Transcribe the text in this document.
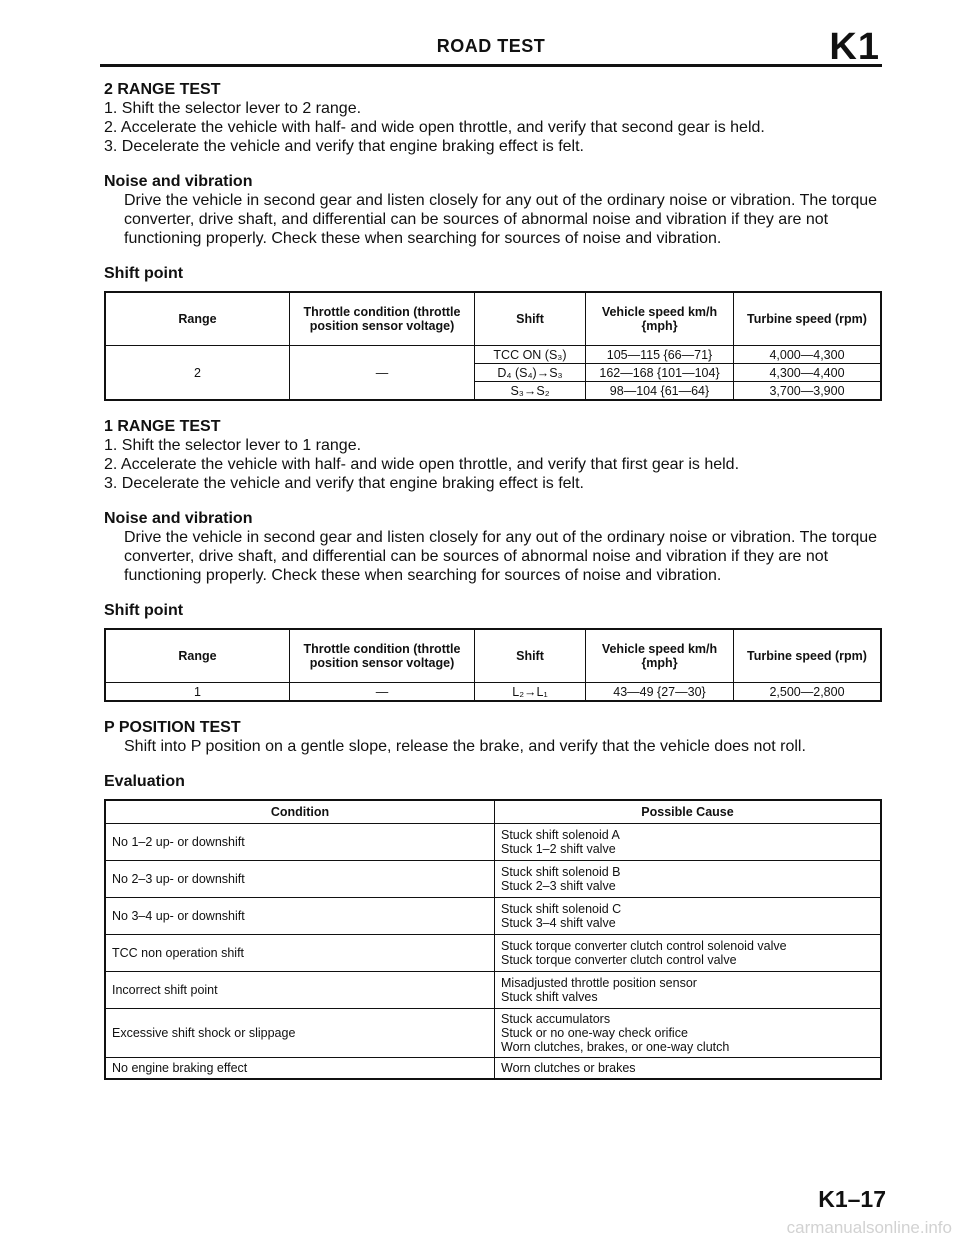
ROAD TEST	K1
2 RANGE TEST
1. Shift the selector lever to 2 range.
2. Accelerate the vehicle with half- and wide open throttle, and verify that second gear is held.
3. Decelerate the vehicle and verify that engine braking effect is felt.
Noise and vibration
Drive the vehicle in second gear and listen closely for any out of the ordinary noise or vibration. The torque converter, drive shaft, and differential can be sources of abnormal noise and vibration if they are not functioning properly. Check these when searching for sources of noise and vibration.
Shift point
Range	Throttle condition (throttle position sensor voltage)	Shift	Vehicle speed km/h {mph}	Turbine speed (rpm)
2	—	TCC ON (S₃)	105—115 {66—71}	4,000—4,300
		D₄ (S₄)→S₃	162—168 {101—104}	4,300—4,400
		S₃→S₂	98—104 {61—64}	3,700—3,900
1 RANGE TEST
1. Shift the selector lever to 1 range.
2. Accelerate the vehicle with half- and wide open throttle, and verify that first gear is held.
3. Decelerate the vehicle and verify that engine braking effect is felt.
Noise and vibration
Drive the vehicle in second gear and listen closely for any out of the ordinary noise or vibration. The torque converter, drive shaft, and differential can be sources of abnormal noise and vibration if they are not functioning properly. Check these when searching for sources of noise and vibration.
Shift point
Range	Throttle condition (throttle position sensor voltage)	Shift	Vehicle speed km/h {mph}	Turbine speed (rpm)
1	—	L₂→L₁	43—49 {27—30}	2,500—2,800
P POSITION TEST
Shift into P position on a gentle slope, release the brake, and verify that the vehicle does not roll.
Evaluation
Condition	Possible Cause
No 1–2 up- or downshift	Stuck shift solenoid A
Stuck 1–2 shift valve

No 2–3 up- or downshift	Stuck shift solenoid B
Stuck 2–3 shift valve

No 3–4 up- or downshift	Stuck shift solenoid C
Stuck 3–4 shift valve

TCC non operation shift	Stuck torque converter clutch control solenoid valve
Stuck torque converter clutch control valve

Incorrect shift point	Misadjusted throttle position sensor
Stuck shift valves

Excessive shift shock or slippage	Stuck accumulators
Stuck or no one-way check orifice
Worn clutches, brakes, or one-way clutch

No engine braking effect	Worn clutches or brakes
K1–17
carmanualsonline.info
